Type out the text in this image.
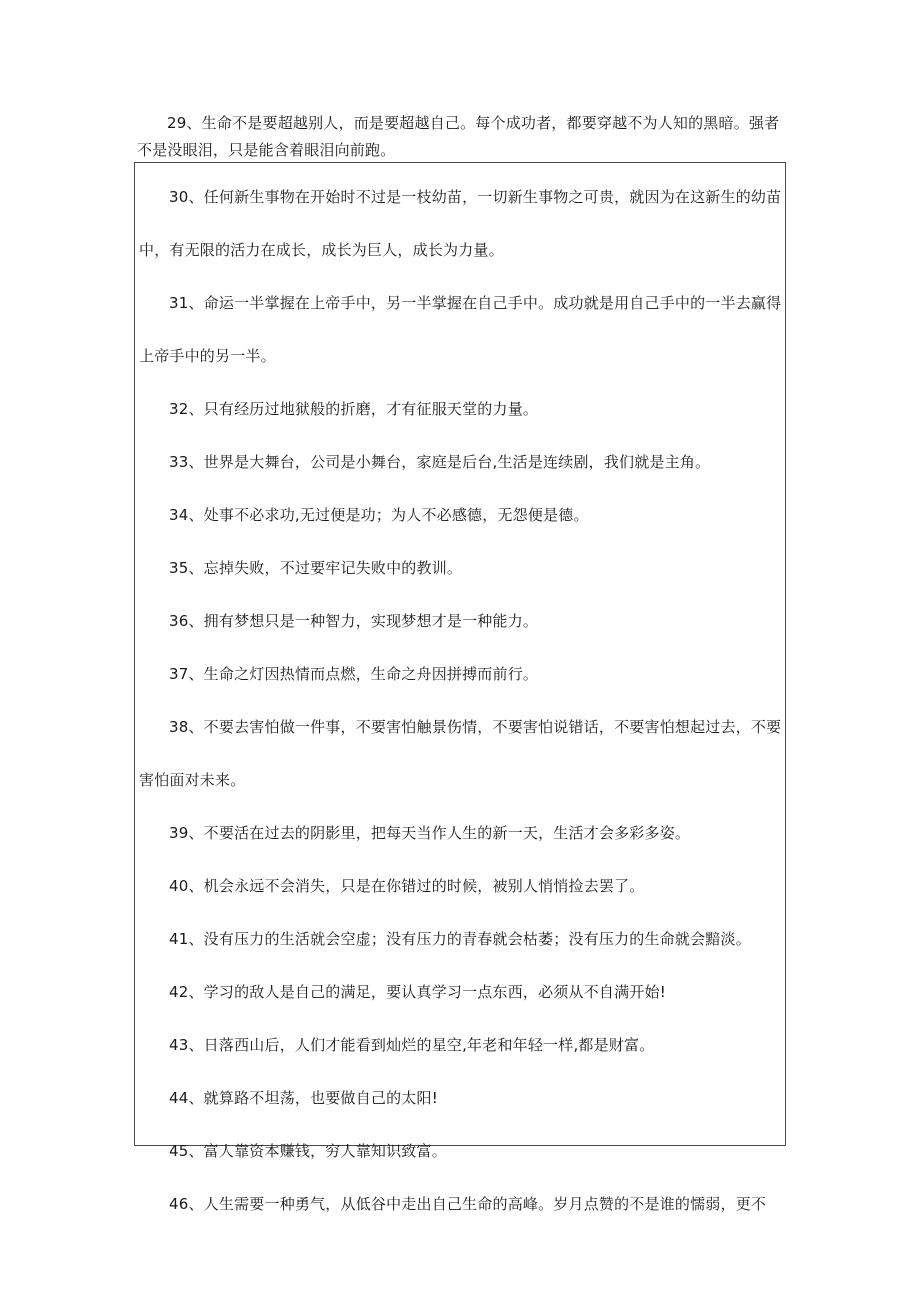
29、生命不是要超越别人，而是要超越自己。每个成功者，都要穿越不为人知的黑暗。强者不是没眼泪，只是能含着眼泪向前跑。

30、任何新生事物在开始时不过是一枝幼苗，一切新生事物之可贵，就因为在这新生的幼苗中，有无限的活力在成长，成长为巨人，成长为力量。
31、命运一半掌握在上帝手中，另一半掌握在自己手中。成功就是用自己手中的一半去赢得上帝手中的另一半。
32、只有经历过地狱般的折磨，才有征服天堂的力量。
33、世界是大舞台，公司是小舞台，家庭是后台,生活是连续剧，我们就是主角。
34、处事不必求功,无过便是功；为人不必感德，无怨便是德。
35、忘掉失败，不过要牢记失败中的教训。
36、拥有梦想只是一种智力，实现梦想才是一种能力。
37、生命之灯因热情而点燃，生命之舟因拼搏而前行。
38、不要去害怕做一件事，不要害怕触景伤情，不要害怕说错话，不要害怕想起过去，不要害怕面对未来。
39、不要活在过去的阴影里，把每天当作人生的新一天，生活才会多彩多姿。
40、机会永远不会消失，只是在你错过的时候，被别人悄悄捡去罢了。
41、没有压力的生活就会空虚；没有压力的青春就会枯萎；没有压力的生命就会黯淡。
42、学习的敌人是自己的满足，要认真学习一点东西，必须从不自满开始!
43、日落西山后，人们才能看到灿烂的星空,年老和年轻一样,都是财富。
44、就算路不坦荡，也要做自己的太阳!
45、富人靠资本赚钱，穷人靠知识致富。
46、人生需要一种勇气，从低谷中走出自己生命的高峰。岁月点赞的不是谁的懦弱，更不
